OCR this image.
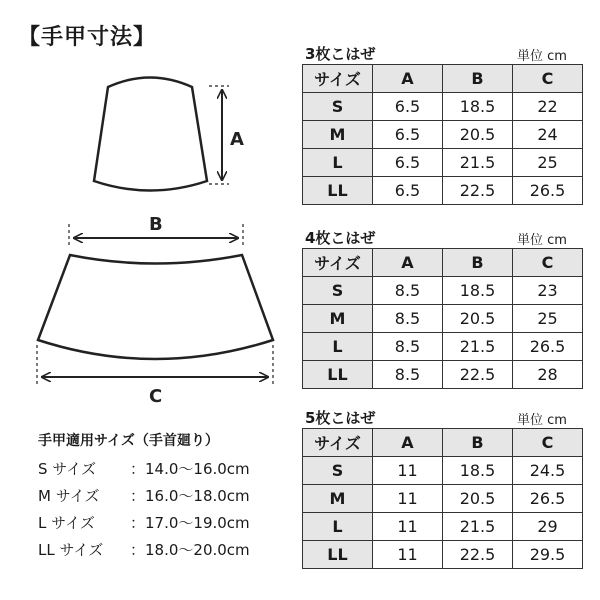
【手甲寸法】
A
B
C
手甲適用サイズ（手首廻り）
S サイズ ：14.0〜16.0cm
M サイズ ：16.0〜18.0cm
L サイズ ：17.0〜19.0cm
LL サイズ ：18.0〜20.0cm
3枚こはぜ	単位 cm
サイズ	A	B	C
S	6.5	18.5	22
M	6.5	20.5	24
L	6.5	21.5	25
LL	6.5	22.5	26.5
4枚こはぜ	単位 cm
サイズ	A	B	C
S	8.5	18.5	23
M	8.5	20.5	25
L	8.5	21.5	26.5
LL	8.5	22.5	28
5枚こはぜ	単位 cm
サイズ	A	B	C
S	11	18.5	24.5
M	11	20.5	26.5
L	11	21.5	29
LL	11	22.5	29.5
